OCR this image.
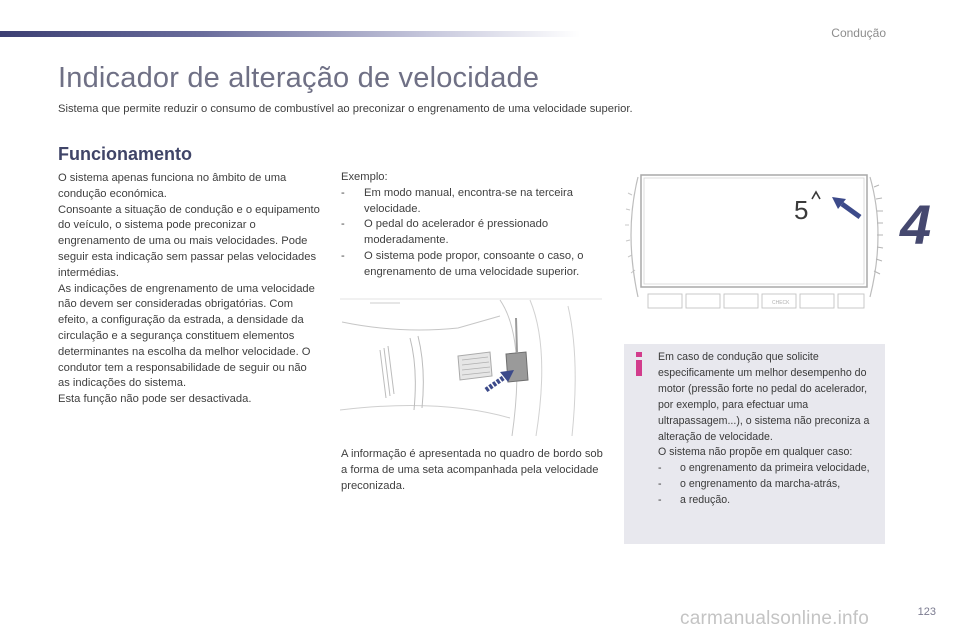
Condução
Indicador de alteração de velocidade

Sistema que permite reduzir o consumo de combustível ao preconizar o engrenamento de uma velocidade superior.

Funcionamento

O sistema apenas funciona no âmbito de uma condução económica.

Consoante a situação de condução e o equipamento do veículo, o sistema pode preconizar o engrenamento de uma ou mais velocidades. Pode seguir esta indicação sem passar pelas velocidades intermédias.

As indicações de engrenamento de uma velocidade não devem ser consideradas obrigatórias. Com efeito, a configuração da estrada, a densidade da circulação e a segurança constituem elementos determinantes na escolha da melhor velocidade. O condutor tem a responsabilidade de seguir ou não as indicações do sistema.

Esta função não pode ser desactivada.

Exemplo:

-	Em modo manual, encontra-se na terceira velocidade.
-	O pedal do acelerador é pressionado moderadamente.
-	O sistema pode propor, consoante o caso, o engrenamento de uma velocidade superior.
5
CHECK
4

A informação é apresentada no quadro de bordo sob a forma de uma seta acompanhada pela velocidade preconizada.

Em caso de condução que solicite especificamente um melhor desempenho do motor (pressão forte no pedal do acelerador, por exemplo, para efectuar uma ultrapassagem...), o sistema não preconiza a alteração de velocidade.

O sistema não propõe em qualquer caso:

-	o engrenamento da primeira velocidade,
-	o engrenamento da marcha-atrás,
-	a redução.
carmanualsonline.info	123
